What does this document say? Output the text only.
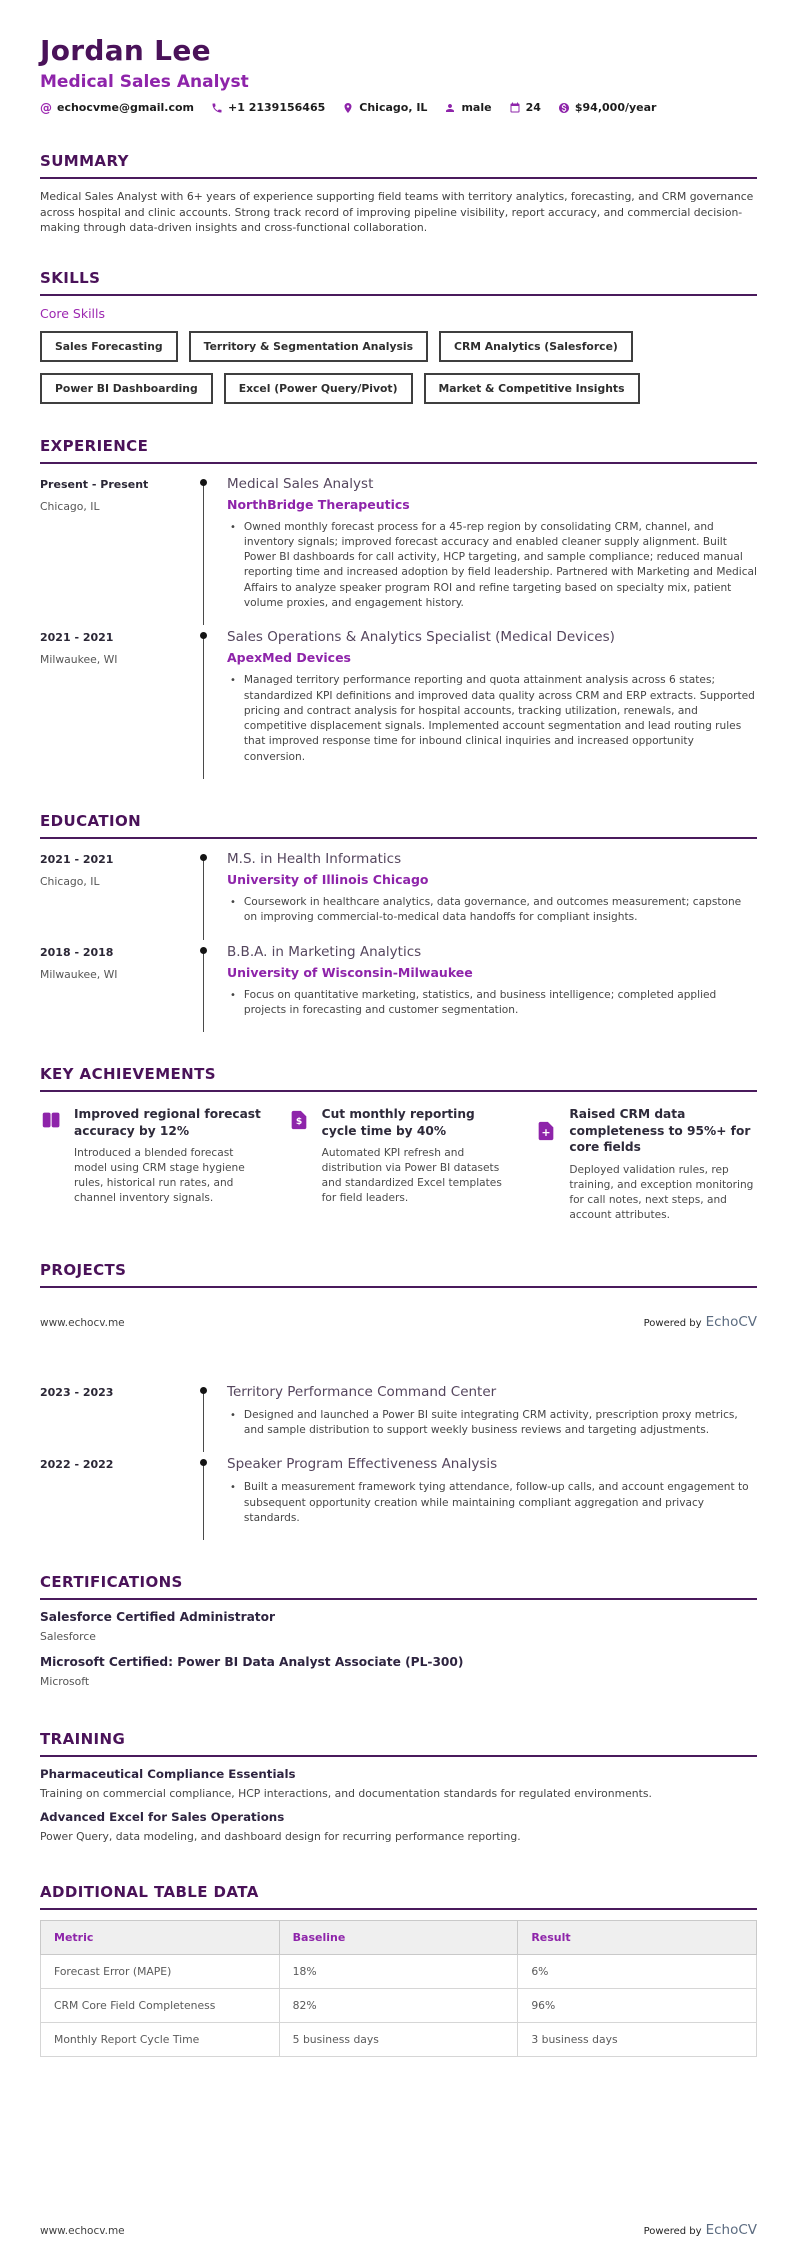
Jordan Lee
Medical Sales Analyst
@ echocvme@gmail.com	+1 2139156465	Chicago, IL	male	24	$94,000/year
SUMMARY
Medical Sales Analyst with 6+ years of experience supporting field teams with territory analytics, forecasting, and CRM governance across hospital and clinic accounts. Strong track record of improving pipeline visibility, report accuracy, and commercial decision-making through data-driven insights and cross-functional collaboration.
SKILLS
Core Skills
Sales Forecasting	Territory & Segmentation Analysis	CRM Analytics (Salesforce)
Power BI Dashboarding	Excel (Power Query/Pivot)	Market & Competitive Insights
EXPERIENCE
Present - Present
Chicago, IL
Medical Sales Analyst
NorthBridge Therapeutics
• Owned monthly forecast process for a 45-rep region by consolidating CRM, channel, and inventory signals; improved forecast accuracy and enabled cleaner supply alignment. Built Power BI dashboards for call activity, HCP targeting, and sample compliance; reduced manual reporting time and increased adoption by field leadership. Partnered with Marketing and Medical Affairs to analyze speaker program ROI and refine targeting based on specialty mix, patient volume proxies, and engagement history.
2021 - 2021
Milwaukee, WI
Sales Operations & Analytics Specialist (Medical Devices)
ApexMed Devices
• Managed territory performance reporting and quota attainment analysis across 6 states; standardized KPI definitions and improved data quality across CRM and ERP extracts. Supported pricing and contract analysis for hospital accounts, tracking utilization, renewals, and competitive displacement signals. Implemented account segmentation and lead routing rules that improved response time for inbound clinical inquiries and increased opportunity conversion.
EDUCATION
2021 - 2021
Chicago, IL
M.S. in Health Informatics
University of Illinois Chicago
• Coursework in healthcare analytics, data governance, and outcomes measurement; capstone on improving commercial-to-medical data handoffs for compliant insights.
2018 - 2018
Milwaukee, WI
B.B.A. in Marketing Analytics
University of Wisconsin-Milwaukee
• Focus on quantitative marketing, statistics, and business intelligence; completed applied projects in forecasting and customer segmentation.
KEY ACHIEVEMENTS
Improved regional forecast accuracy by 12%
Introduced a blended forecast model using CRM stage hygiene rules, historical run rates, and channel inventory signals.
$
Cut monthly reporting cycle time by 40%
Automated KPI refresh and distribution via Power BI datasets and standardized Excel templates for field leaders.
+
Raised CRM data completeness to 95%+ for core fields
Deployed validation rules, rep training, and exception monitoring for call notes, next steps, and account attributes.
PROJECTS
www.echocv.me	Powered by EchoCV
2023 - 2023	Territory Performance Command Center
• Designed and launched a Power BI suite integrating CRM activity, prescription proxy metrics, and sample distribution to support weekly business reviews and targeting adjustments.
2022 - 2022	Speaker Program Effectiveness Analysis
• Built a measurement framework tying attendance, follow-up calls, and account engagement to subsequent opportunity creation while maintaining compliant aggregation and privacy standards.
CERTIFICATIONS
Salesforce Certified Administrator
Salesforce
Microsoft Certified: Power BI Data Analyst Associate (PL-300)
Microsoft
TRAINING
Pharmaceutical Compliance Essentials
Training on commercial compliance, HCP interactions, and documentation standards for regulated environments.
Advanced Excel for Sales Operations
Power Query, data modeling, and dashboard design for recurring performance reporting.
ADDITIONAL TABLE DATA
Metric	Baseline	Result
Forecast Error (MAPE)	18%	6%
CRM Core Field Completeness	82%	96%
Monthly Report Cycle Time	5 business days	3 business days
www.echocv.me	Powered by EchoCV
